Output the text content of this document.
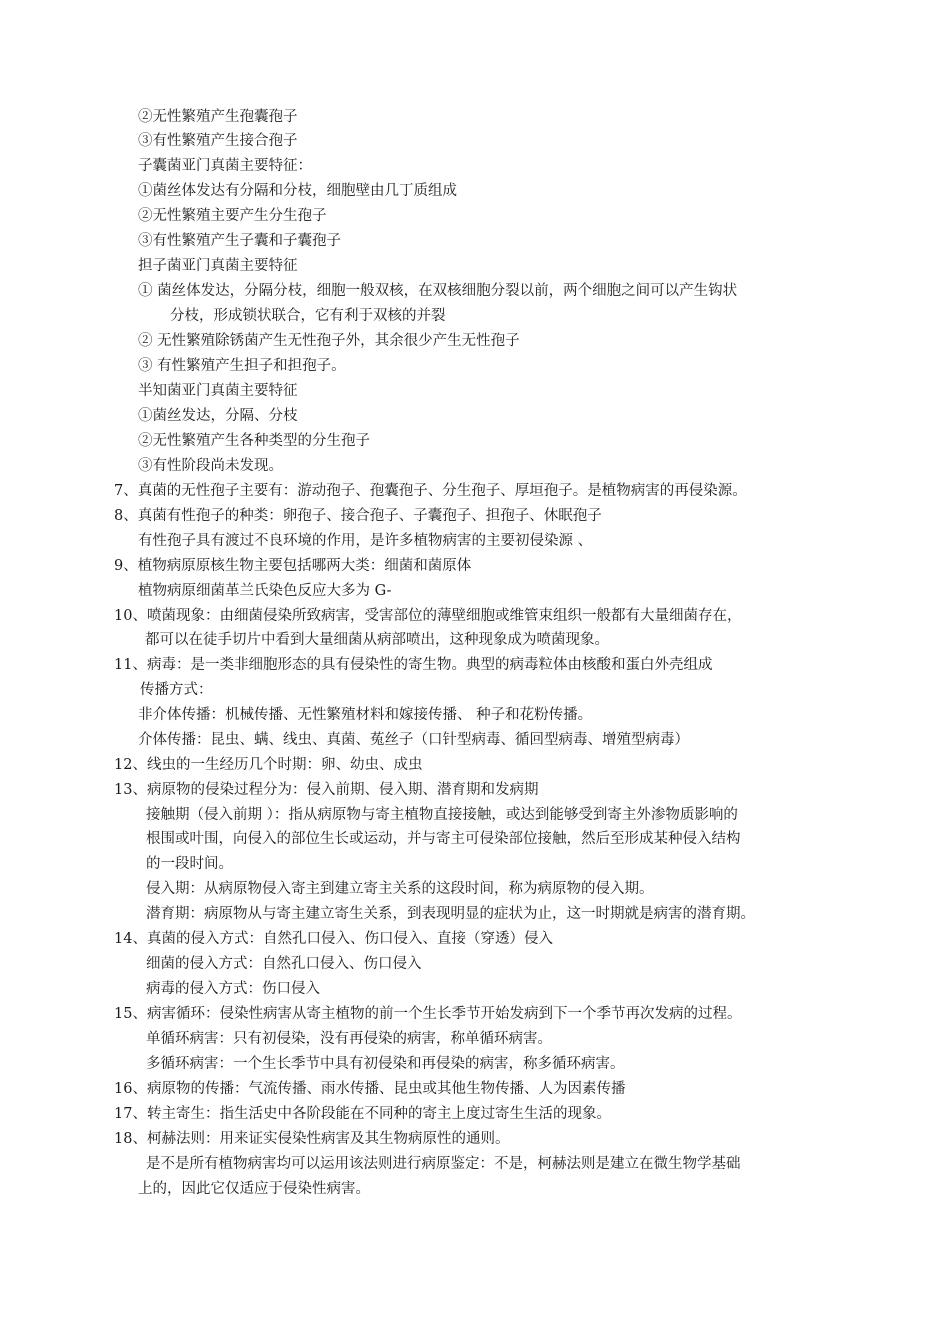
②无性繁殖产生孢囊孢子
③有性繁殖产生接合孢子
子囊菌亚门真菌主要特征：
①菌丝体发达有分隔和分枝，细胞壁由几丁质组成
②无性繁殖主要产生分生孢子
③有性繁殖产生子囊和子囊孢子
担子菌亚门真菌主要特征
① 菌丝体发达，分隔分枝，细胞一般双核，在双核细胞分裂以前，两个细胞之间可以产生钩状
分枝，形成锁状联合，它有利于双核的并裂
② 无性繁殖除锈菌产生无性孢子外，其余很少产生无性孢子
③ 有性繁殖产生担子和担孢子。
半知菌亚门真菌主要特征
①菌丝发达，分隔、分枝
②无性繁殖产生各种类型的分生孢子
③有性阶段尚未发现。
7、真菌的无性孢子主要有：游动孢子、孢囊孢子、分生孢子、厚垣孢子。是植物病害的再侵染源。
8、真菌有性孢子的种类：卵孢子、接合孢子、子囊孢子、担孢子、休眠孢子
有性孢子具有渡过不良环境的作用，是许多植物病害的主要初侵染源 、
9、植物病原原核生物主要包括哪两大类：细菌和菌原体
植物病原细菌革兰氏染色反应大多为 G-
10、喷菌现象：由细菌侵染所致病害，受害部位的薄壁细胞或维管束组织一般都有大量细菌存在，
都可以在徒手切片中看到大量细菌从病部喷出，这种现象成为喷菌现象。
11、病毒：是一类非细胞形态的具有侵染性的寄生物。典型的病毒粒体由核酸和蛋白外壳组成
传播方式：
非介体传播：机械传播、无性繁殖材料和嫁接传播、 种子和花粉传播。
介体传播：昆虫、螨、线虫、真菌、菟丝子（口针型病毒、循回型病毒、增殖型病毒）
12、线虫的一生经历几个时期：卵、幼虫、成虫
13、病原物的侵染过程分为：侵入前期、侵入期、潜育期和发病期
接触期（侵入前期 ）：指从病原物与寄主植物直接接触，或达到能够受到寄主外渗物质影响的
根围或叶围，向侵入的部位生长或运动，并与寄主可侵染部位接触，然后至形成某种侵入结构
的一段时间。
侵入期：从病原物侵入寄主到建立寄主关系的这段时间，称为病原物的侵入期。
潜育期：病原物从与寄主建立寄生关系，到表现明显的症状为止，这一时期就是病害的潜育期。
14、真菌的侵入方式：自然孔口侵入、伤口侵入、直接（穿透）侵入
细菌的侵入方式：自然孔口侵入、伤口侵入
病毒的侵入方式：伤口侵入
15、病害循环：侵染性病害从寄主植物的前一个生长季节开始发病到下一个季节再次发病的过程。
单循环病害：只有初侵染，没有再侵染的病害，称单循环病害。
多循环病害：一个生长季节中具有初侵染和再侵染的病害，称多循环病害。
16、病原物的传播：气流传播、雨水传播、昆虫或其他生物传播、人为因素传播
17、转主寄生：指生活史中各阶段能在不同种的寄主上度过寄生生活的现象。
18、柯赫法则：用来证实侵染性病害及其生物病原性的通则。
是不是所有植物病害均可以运用该法则进行病原鉴定：不是，柯赫法则是建立在微生物学基础
上的，因此它仅适应于侵染性病害。
